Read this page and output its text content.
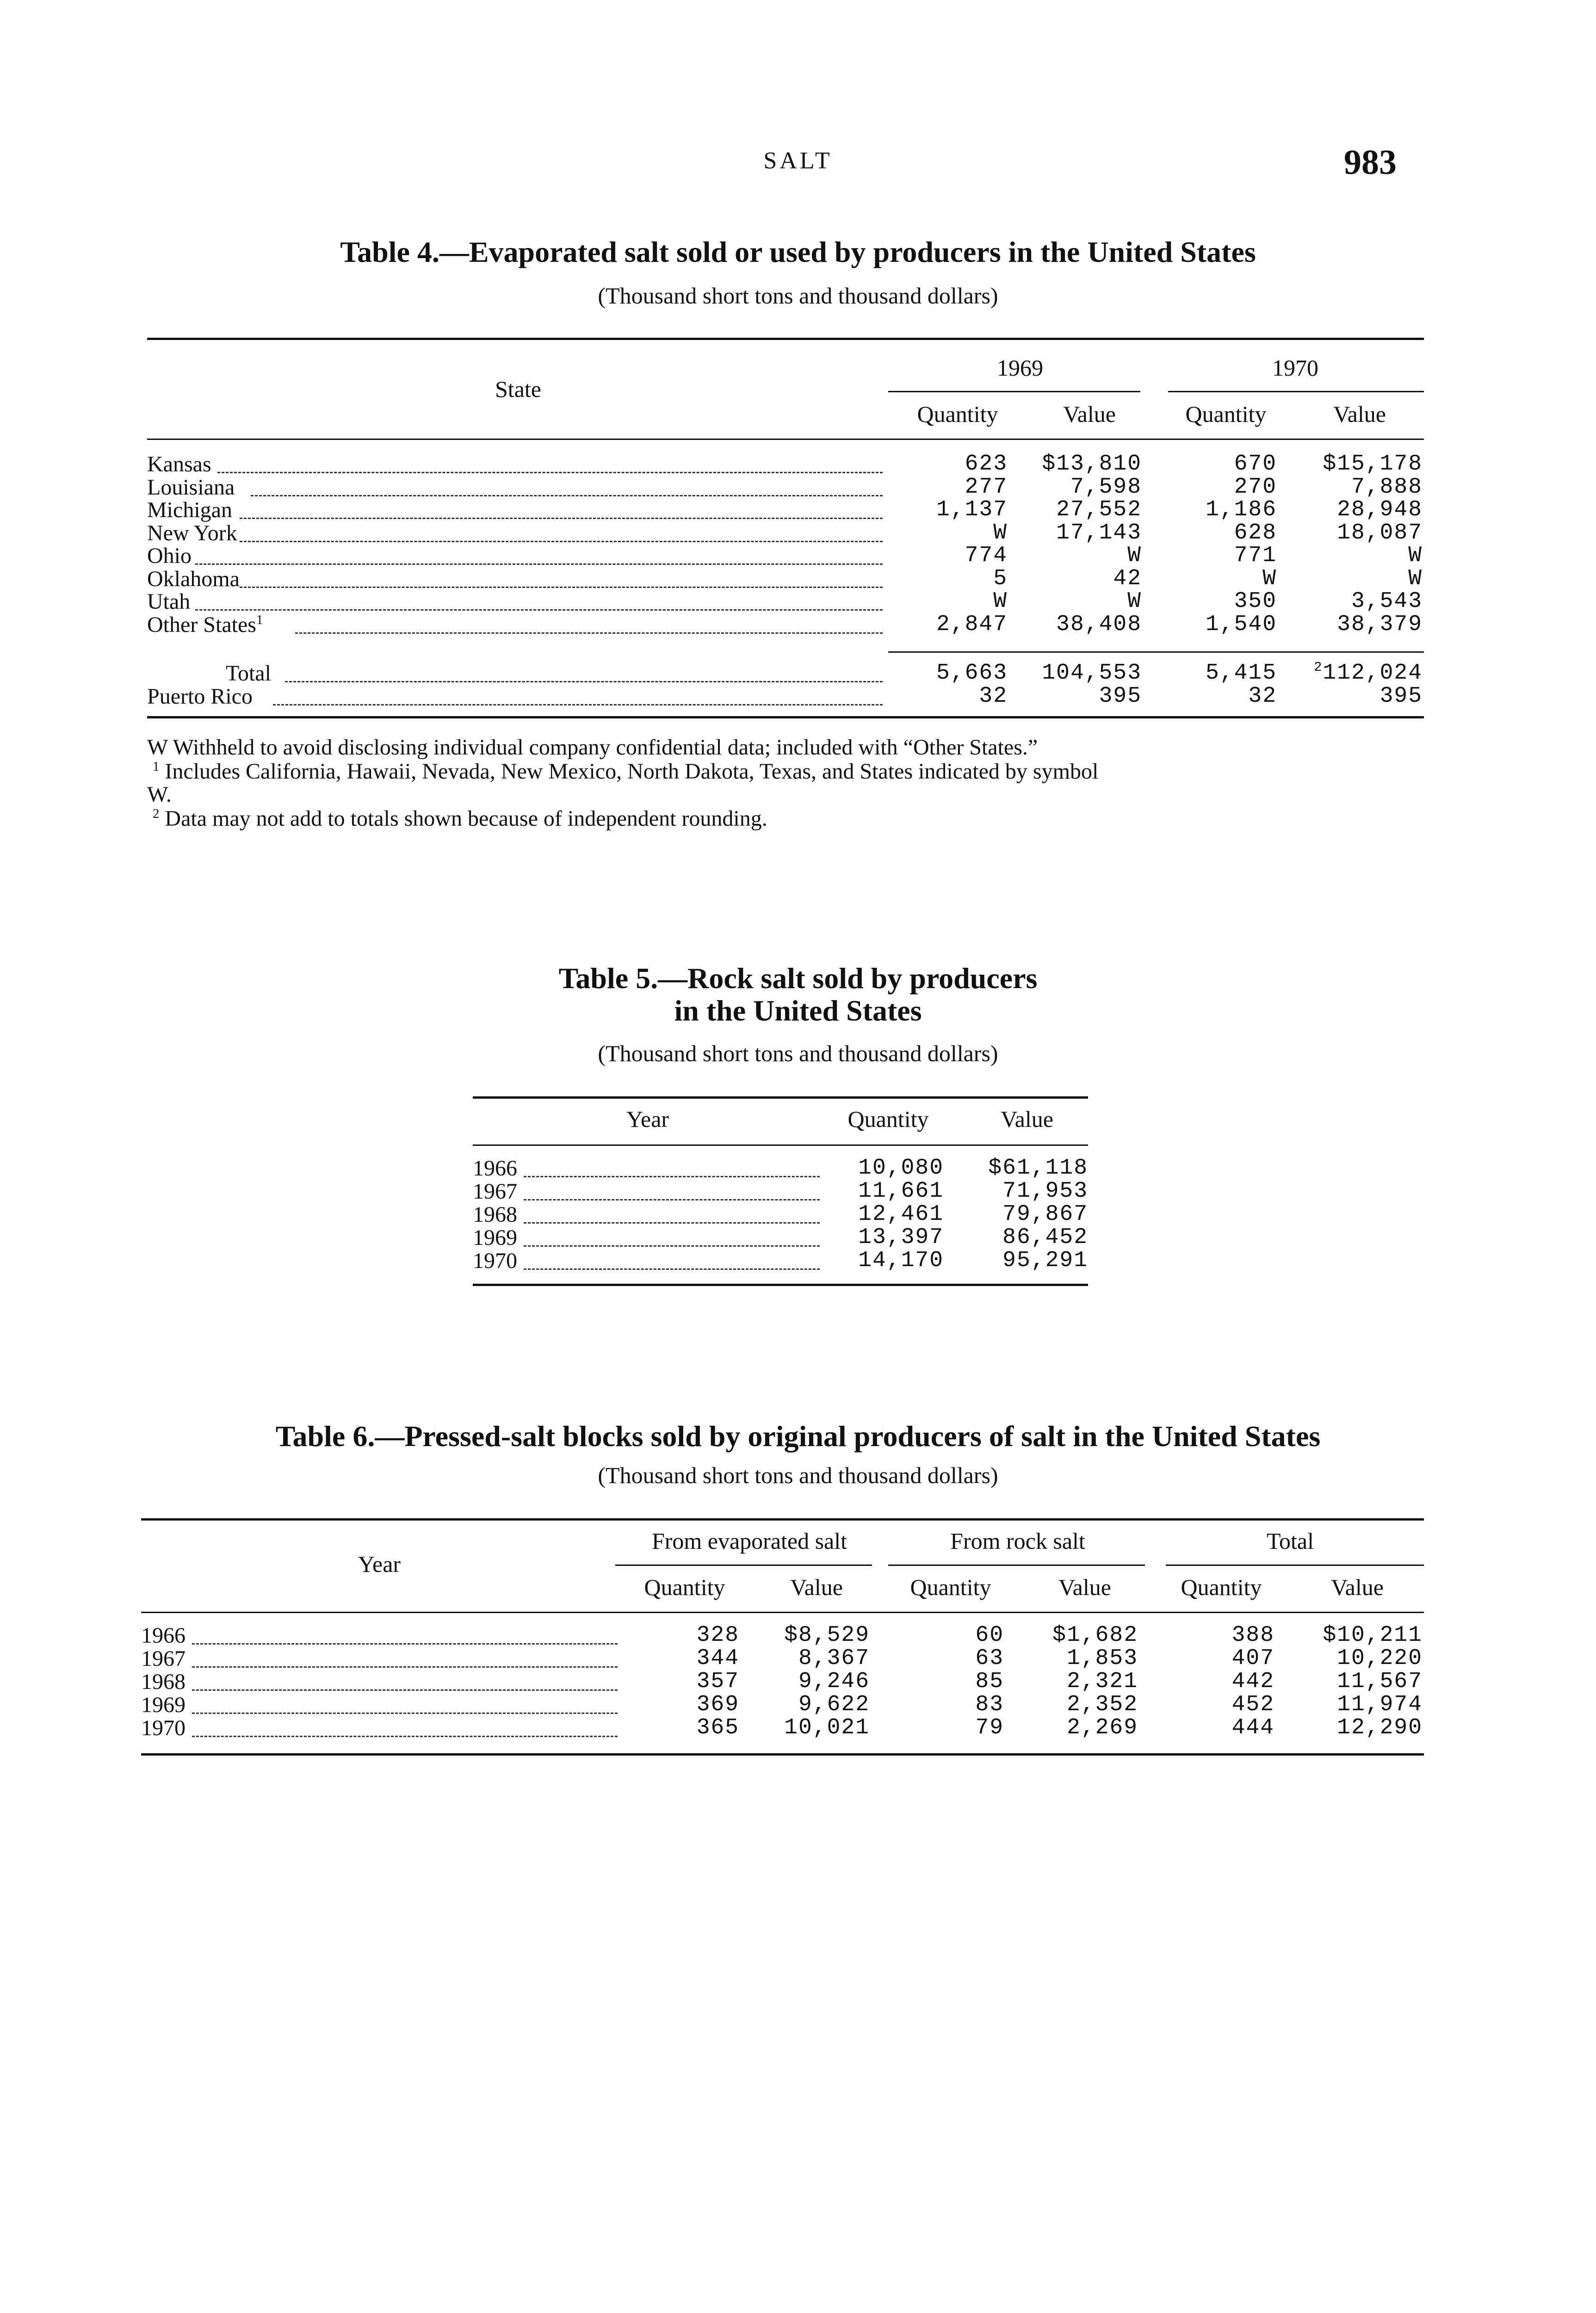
SALT	983
Table 4.—Evaporated salt sold or used by producers in the United States
(Thousand short tons and thousand dollars)
State
1969	1970
Quantity	Value	Quantity	Value
Kansas	623	$13,810	670	$15,178
Louisiana	277	7,598	270	7,888
Michigan	1,137	27,552	1,186	28,948
New York	W	17,143	628	18,087
Ohio	774	W	771	W
Oklahoma	5	42	W	W
Utah	W	W	350	3,543
Other States$^1$	2,847	38,408	1,540	38,379
Total	5,663	104,553	5,415	$^2$112,024
Puerto Rico	32	395	32	395
W Withheld to avoid disclosing individual company confidential data; included with “Other States.”
$^1$ Includes California, Hawaii, Nevada, New Mexico, North Dakota, Texas, and States indicated by symbol
W.
$^2$ Data may not add to totals shown because of independent rounding.
Table 5.—Rock salt sold by producers
in the United States
(Thousand short tons and thousand dollars)
Year	Quantity	Value
1966	10,080	$61,118
1967	11,661	71,953
1968	12,461	79,867
1969	13,397	86,452
1970	14,170	95,291
Table 6.—Pressed-salt blocks sold by original producers of salt in the United States
(Thousand short tons and thousand dollars)
Year
From evaporated salt	From rock salt	Total
Quantity	Value	Quantity	Value	Quantity	Value
1966	328	$8,529	60	$1,682	388	$10,211
1967	344	8,367	63	1,853	407	10,220
1968	357	9,246	85	2,321	442	11,567
1969	369	9,622	83	2,352	452	11,974
1970	365	10,021	79	2,269	444	12,290
